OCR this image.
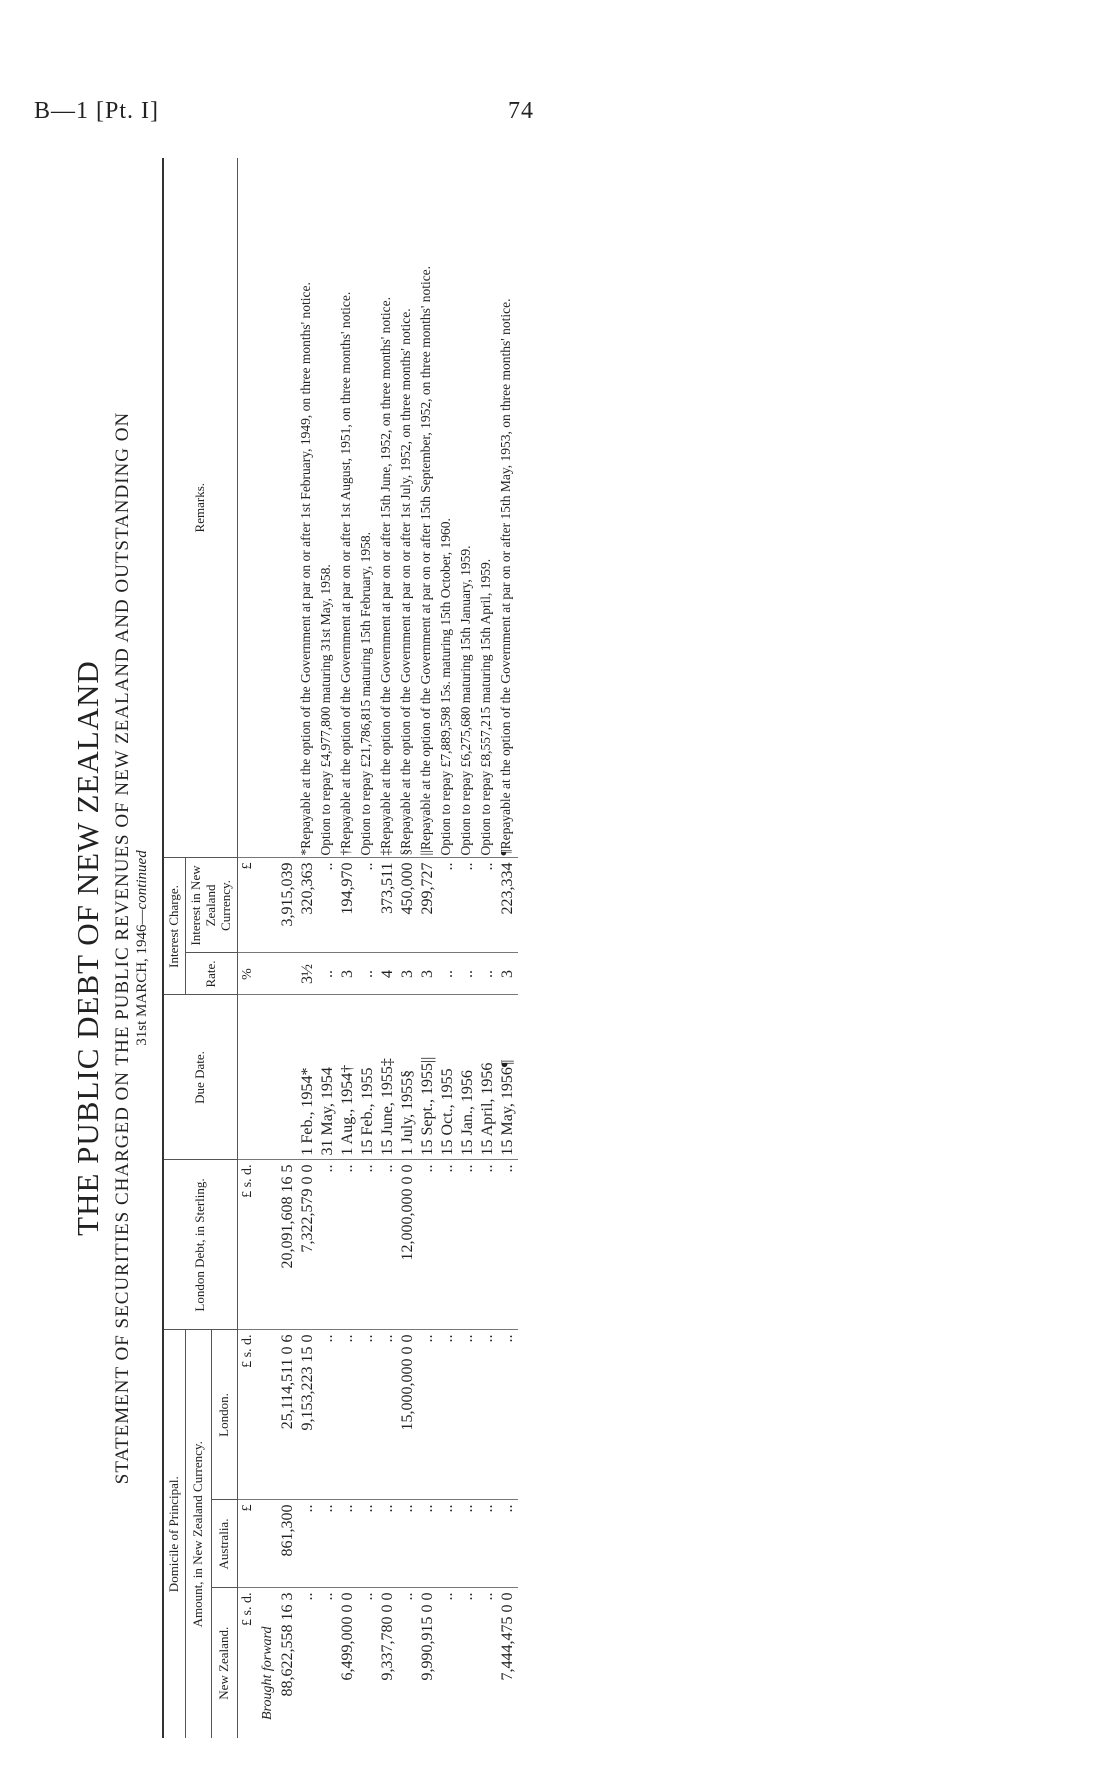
B—1 [Pt. I]	74
THE PUBLIC DEBT OF NEW ZEALAND STATEMENT OF SECURITIES CHARGED ON THE PUBLIC REVENUES OF NEW ZEALAND AND OUTSTANDING ON 31st MARCH, 1946—continued
Domicile of Principal.			London Debt, in Sterling.	Due Date.	Interest Charge.		Remarks.
Amount, in New Zealand Currency.					Rate.	Interest in New Zealand Currency.	
New Zealand.	Australia.	London.					
£ s. d.
Brought forward	£	£ s. d.	£ s. d.		%	£	
88,622,558 16 3	861,300	25,114,511 0 6	20,091,608 16 5			3,915,039	
..	..	9,153,223 15 0	7,322,579 0 0	1 Feb., 1954*	3½	320,363	*Repayable at the option of the Government at par on or after 1st February, 1949, on three months' notice.
..	..	..	..	31 May, 1954	..	..	Option to repay £4,977,800 maturing 31st May, 1958.
6,499,000 0 0	..	..	..	1 Aug., 1954†	3	194,970	†Repayable at the option of the Government at par on or after 1st August, 1951, on three months' notice.
..	..	..	..	15 Feb., 1955	..	..	Option to repay £21,786,815 maturing 15th February, 1958.
9,337,780 0 0	..	..	..	15 June, 1955‡	4	373,511	‡Repayable at the option of the Government at par on or after 15th June, 1952, on three months' notice.
..	..	15,000,000 0 0	12,000,000 0 0	1 July, 1955§	3	450,000	§Repayable at the option of the Government at par on or after 1st July, 1952, on three months' notice.
9,990,915 0 0	..	..	..	15 Sept., 1955||	3	299,727	||Repayable at the option of the Government at par on or after 15th September, 1952, on three months' notice.
..	..	..	..	15 Oct., 1955	..	..	Option to repay £7,889,598 15s. maturing 15th October, 1960.
..	..	..	..	15 Jan., 1956	..	..	Option to repay £6,275,680 maturing 15th January, 1959.
..	..	..	..	15 April, 1956	..	..	Option to repay £8,557,215 maturing 15th April, 1959.
7,444,475 0 0	..	..	..	15 May, 1956¶	3	223,334	¶Repayable at the option of the Government at par on or after 15th May, 1953, on three months' notice.
